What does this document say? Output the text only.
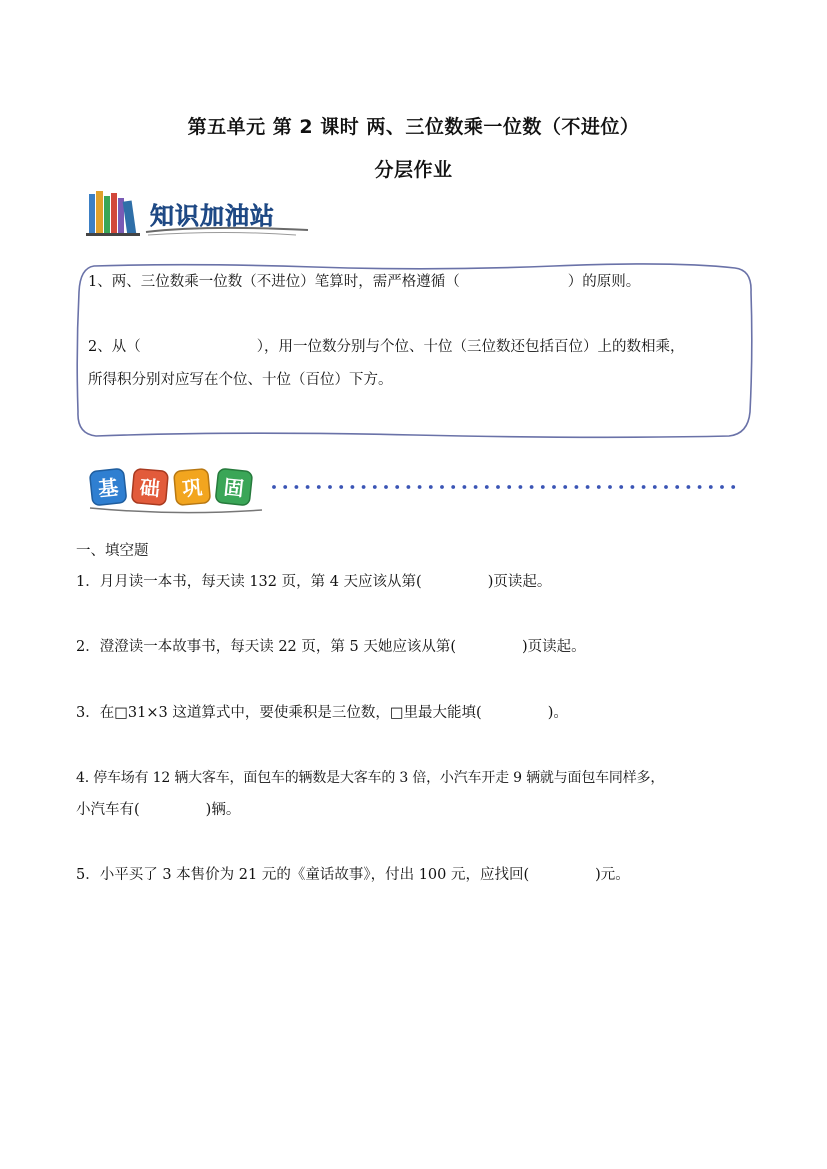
第五单元 第 2 课时 两、三位数乘一位数（不进位）
分层作业
知识加油站
1、两、三位数乘一位数（不进位）笔算时，需严格遵循（	）的原则。
2、从（	），用一位数分别与个位、十位（三位数还包括百位）上的数相乘，
所得积分别对应写在个位、十位（百位）下方。
基 础 巩 固
一、填空题
1．月月读一本书，每天读 132 页，第 4 天应该从第(	)页读起。
2．澄澄读一本故事书，每天读 22 页，第 5 天她应该从第(	)页读起。
3．在□31×3 这道算式中，要使乘积是三位数，□里最大能填(	)。
4. 停车场有 12 辆大客车，面包车的辆数是大客车的 3 倍，小汽车开走 9 辆就与面包车同样多，
小汽车有(	)辆。
5．小平买了 3 本售价为 21 元的《童话故事》，付出 100 元，应找回(	)元。
